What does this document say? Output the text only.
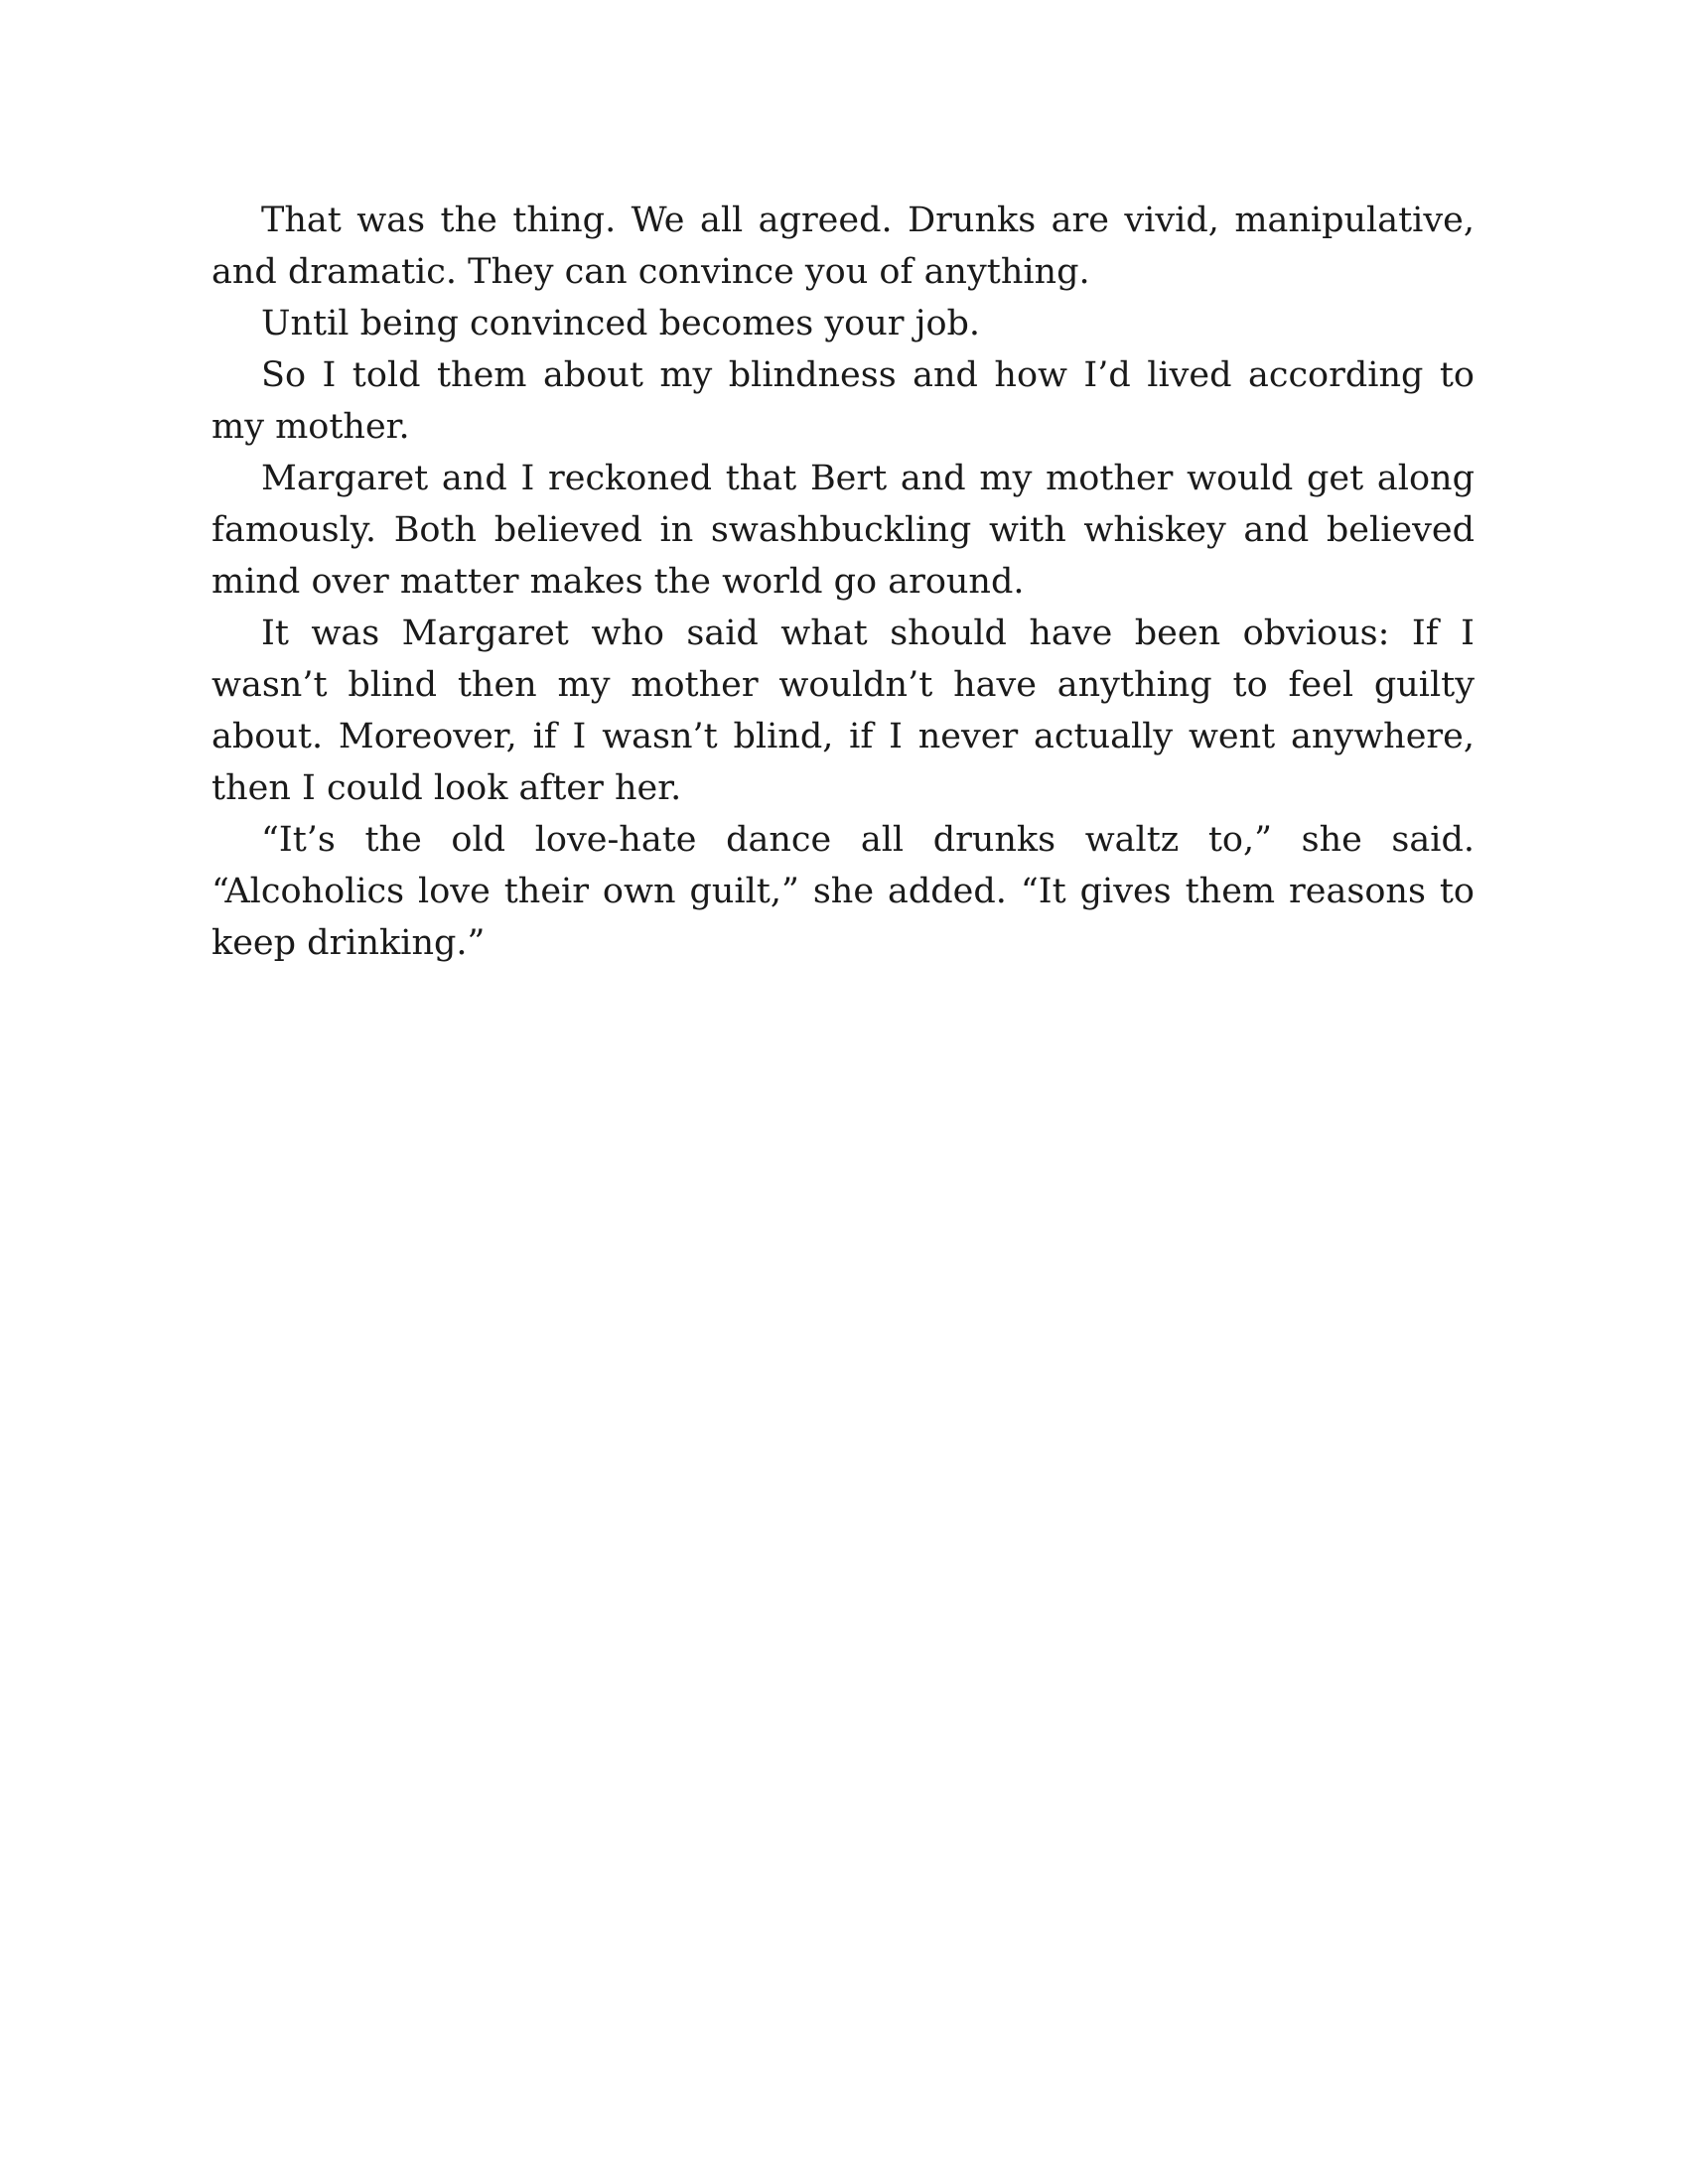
That was the thing. We all agreed. Drunks are vivid, manipulative, and dramatic. They can convince you of anything.

Until being convinced becomes your job.

So I told them about my blindness and how I’d lived according to my mother.

Margaret and I reckoned that Bert and my mother would get along famously. Both believed in swashbuckling with whiskey and believed mind over matter makes the world go around.

It was Margaret who said what should have been obvious: If I wasn’t blind then my mother wouldn’t have anything to feel guilty about. Moreover, if I wasn’t blind, if I never actually went anywhere, then I could look after her.

“It’s the old love-hate dance all drunks waltz to,” she said. “Alcoholics love their own guilt,” she added. “It gives them reasons to keep drinking.”
